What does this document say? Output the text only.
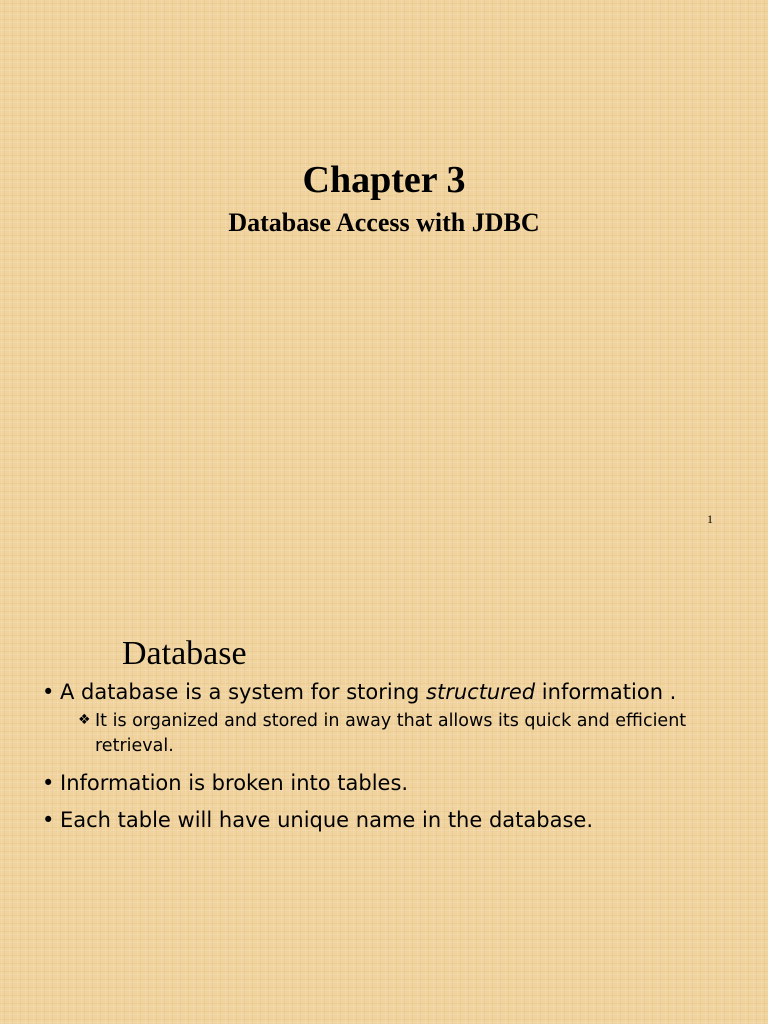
Chapter 3
Database Access with JDBC
1
Database
• A database is a system for storing structured information .
❖ It is organized and stored in away that allows its quick and efficient retrieval.
• Information is broken into tables.
• Each table will have unique name in the database.
